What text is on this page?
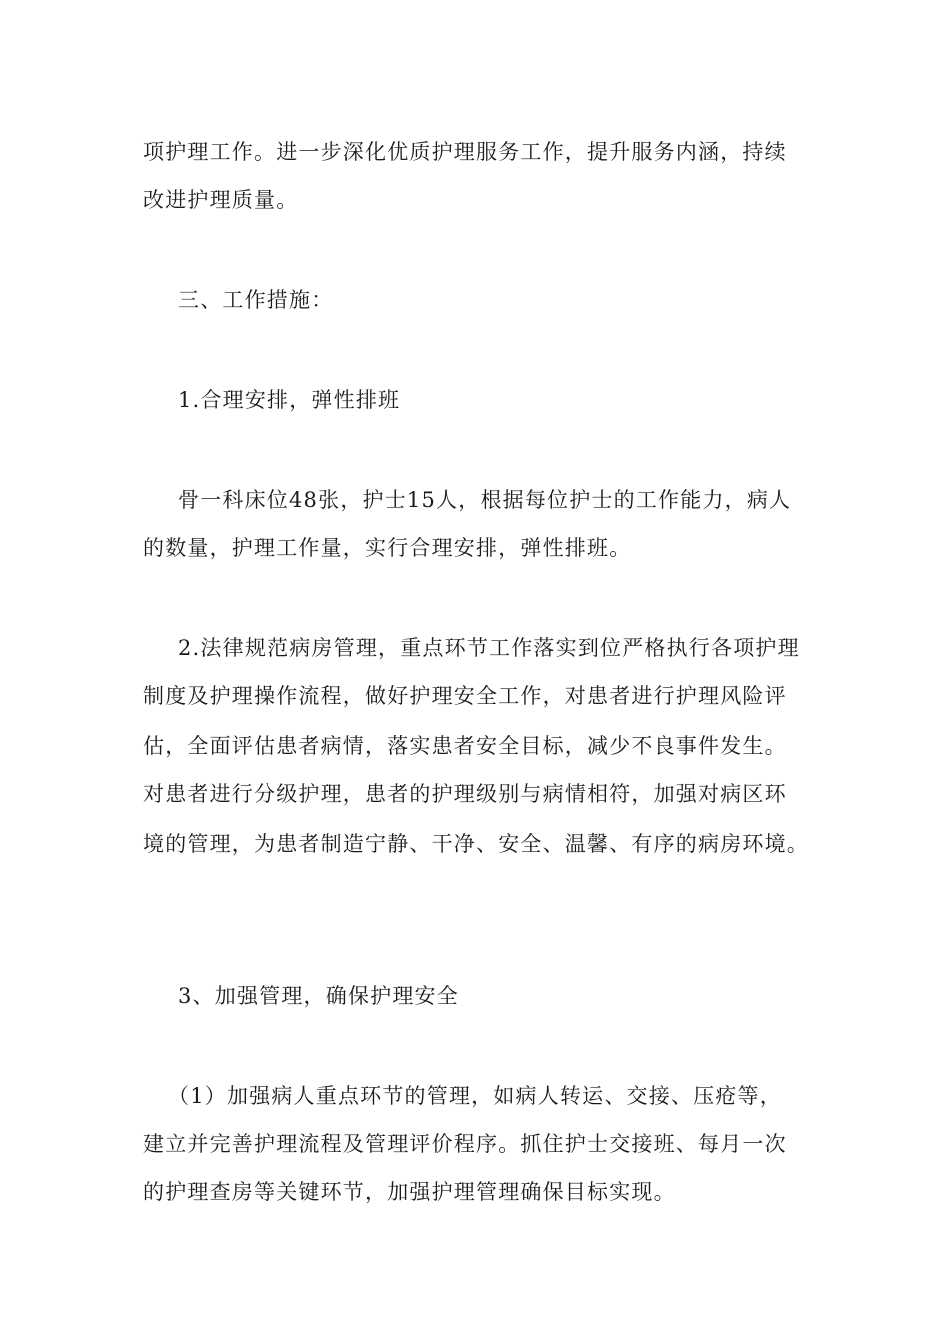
项护理工作。进一步深化优质护理服务工作，提升服务内涵，持续
改进护理质量。
三、工作措施：
1.合理安排，弹性排班
骨一科床位48张，护士15人，根据每位护士的工作能力，病人
的数量，护理工作量，实行合理安排，弹性排班。
2.法律规范病房管理，重点环节工作落实到位严格执行各项护理
制度及护理操作流程，做好护理安全工作，对患者进行护理风险评
估，全面评估患者病情，落实患者安全目标，减少不良事件发生。
对患者进行分级护理，患者的护理级别与病情相符，加强对病区环
境的管理，为患者制造宁静、干净、安全、温馨、有序的病房环境。
3、加强管理，确保护理安全
（1）加强病人重点环节的管理，如病人转运、交接、压疮等，
建立并完善护理流程及管理评价程序。抓住护士交接班、每月一次
的护理查房等关键环节，加强护理管理确保目标实现。
